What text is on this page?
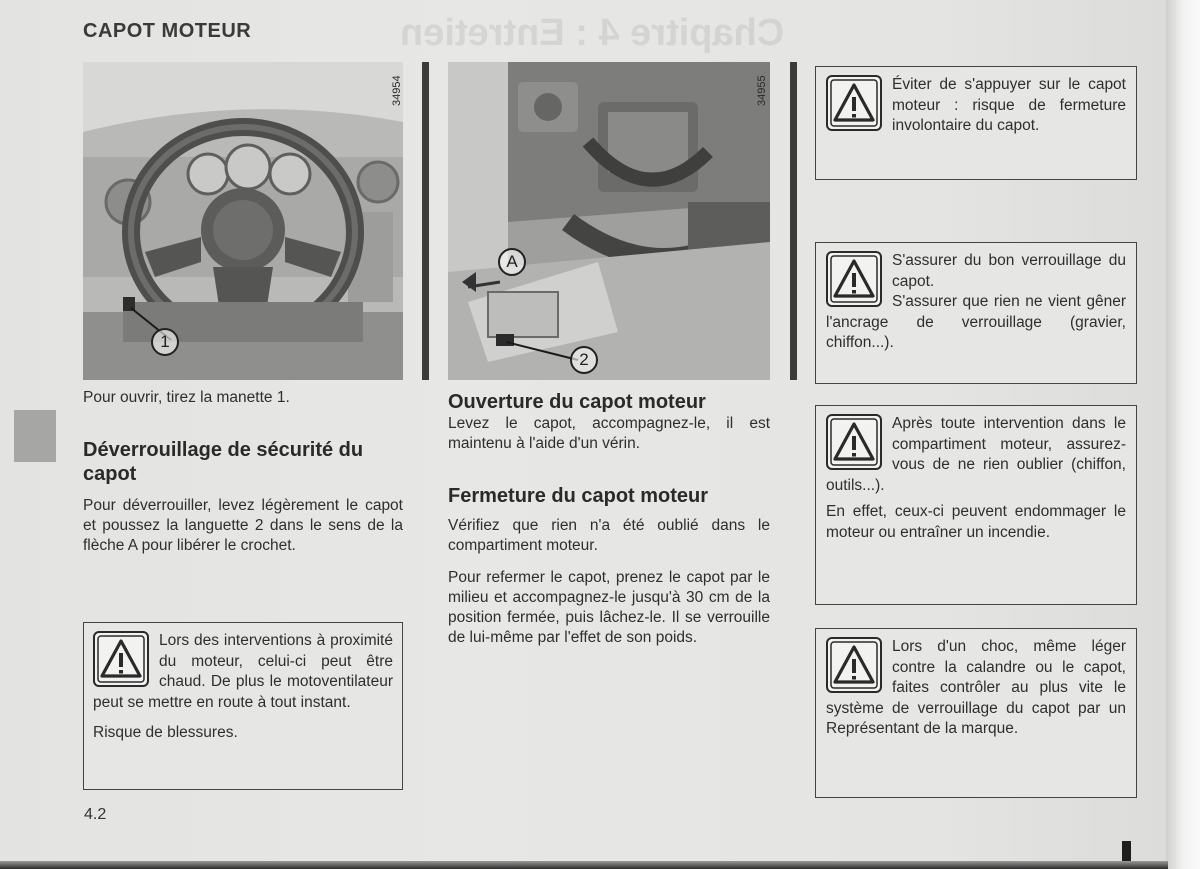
Chapitre 4 : Entretien
CAPOT MOTEUR
34954
1
34955
A
2
Pour ouvrir, tirez la manette 1.
Déverrouillage de sécurité du capot
Pour déverrouiller, levez légèrement le capot et poussez la languette 2 dans le sens de la flèche A pour libérer le crochet.

Lors des interventions à proximité du moteur, celui-ci peut être chaud. De plus le motoventilateur peut se mettre en route à tout instant.

Risque de blessures.

Ouverture du capot moteur
Levez le capot, accompagnez-le, il est maintenu à l'aide d'un vérin.
Fermeture du capot moteur
Vérifiez que rien n'a été oublié dans le compartiment moteur.
Pour refermer le capot, prenez le capot par le milieu et accompagnez-le jusqu'à 30 cm de la position fermée, puis lâchez-le. Il se verrouille de lui-même par l'effet de son poids.

Éviter de s'appuyer sur le capot moteur : risque de fermeture involontaire du capot.

S'assurer du bon verrouillage du capot.

S'assurer que rien ne vient gêner l'ancrage de verrouillage (gravier, chiffon...).

Après toute intervention dans le compartiment moteur, assurez-vous de ne rien oublier (chiffon, outils...).

En effet, ceux-ci peuvent endommager le moteur ou entraîner un incendie.

Lors d'un choc, même léger contre la calandre ou le capot, faites contrôler au plus vite le système de verrouillage du capot par un Représentant de la marque.

4.2
